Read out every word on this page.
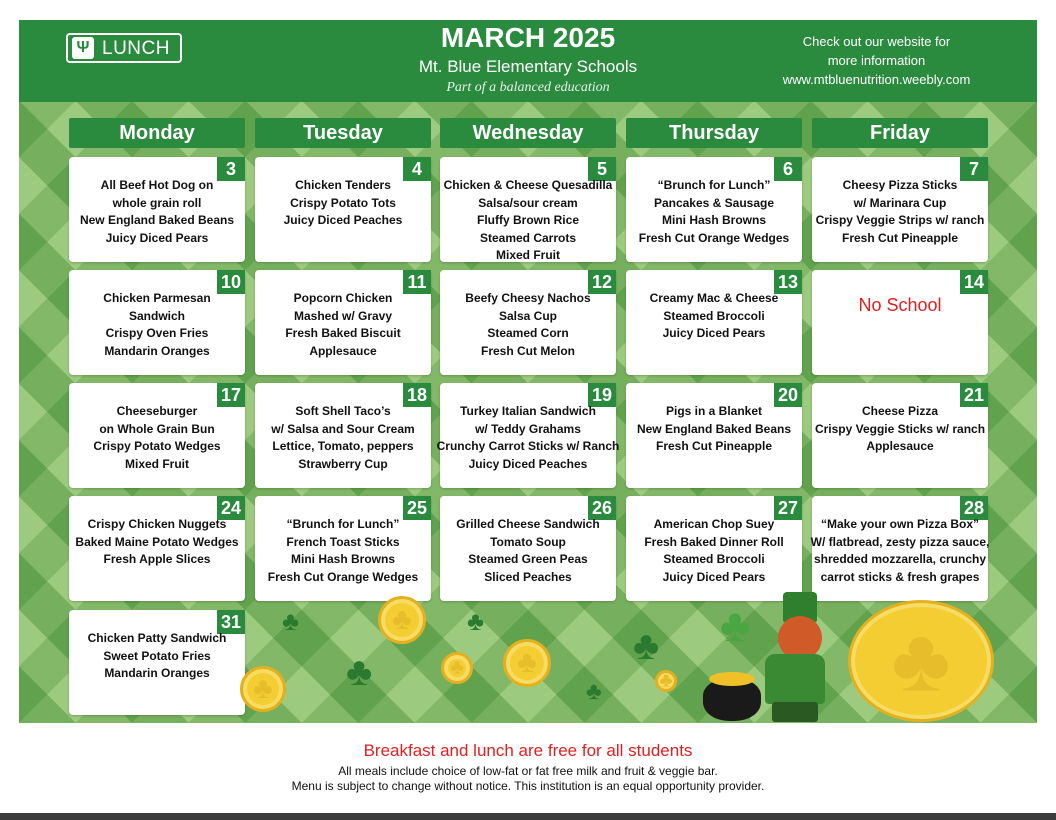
Ψ LUNCH	MARCH 2025
Mt. Blue Elementary Schools
Part of a balanced education
Check out our website for
more information
www.mtbluenutrition.weebly.com
Monday	Tuesday	Wednesday	Thursday	Friday
3
All Beef Hot Dog on
whole grain roll
New England Baked Beans
Juicy Diced Pears
4
Chicken Tenders
Crispy Potato Tots
Juicy Diced Peaches
5
Chicken & Cheese Quesadilla
Salsa/sour cream
Fluffy Brown Rice
Steamed Carrots
Mixed Fruit
6
“Brunch for Lunch”
Pancakes & Sausage
Mini Hash Browns
Fresh Cut Orange Wedges
7
Cheesy Pizza Sticks
w/ Marinara Cup
Crispy Veggie Strips w/ ranch
Fresh Cut Pineapple
10
Chicken Parmesan
Sandwich
Crispy Oven Fries
Mandarin Oranges
11
Popcorn Chicken
Mashed w/ Gravy
Fresh Baked Biscuit
Applesauce
12
Beefy Cheesy Nachos
Salsa Cup
Steamed Corn
Fresh Cut Melon
13
Creamy Mac & Cheese
Steamed Broccoli
Juicy Diced Pears
14
No School
17
Cheeseburger
on Whole Grain Bun
Crispy Potato Wedges
Mixed Fruit
18
Soft Shell Taco’s
w/ Salsa and Sour Cream
Lettice, Tomato, peppers
Strawberry Cup
19
Turkey Italian Sandwich
w/ Teddy Grahams
Crunchy Carrot Sticks w/ Ranch
Juicy Diced Peaches
20
Pigs in a Blanket
New England Baked Beans
Fresh Cut Pineapple
21
Cheese Pizza
Crispy Veggie Sticks w/ ranch
Applesauce
24
Crispy Chicken Nuggets
Baked Maine Potato Wedges
Fresh Apple Slices
25
“Brunch for Lunch”
French Toast Sticks
Mini Hash Browns
Fresh Cut Orange Wedges
26
Grilled Cheese Sandwich
Tomato Soup
Steamed Green Peas
Sliced Peaches
27
American Chop Suey
Fresh Baked Dinner Roll
Steamed Broccoli
Juicy Diced Pears
28
“Make your own Pizza Box”
W/ flatbread, zesty pizza sauce,
shredded mozzarella, crunchy
carrot sticks & fresh grapes
31
Chicken Patty Sandwich
Sweet Potato Fries
Mandarin Oranges
♣
♣
♣
♣
♣
♣
♣
♣
♣
♣
♣ ♣
Breakfast and lunch are free for all students
All meals include choice of low-fat or fat free milk and fruit & veggie bar.
Menu is subject to change without notice. This institution is an equal opportunity provider.
